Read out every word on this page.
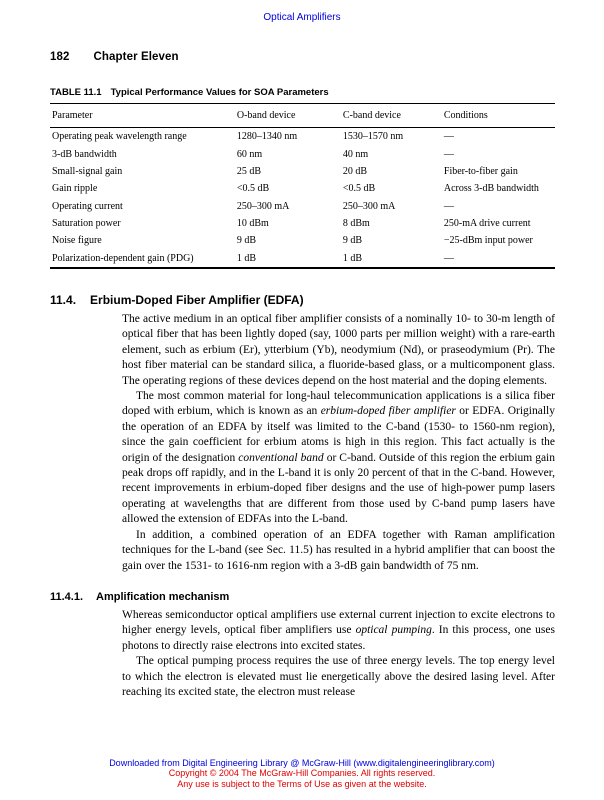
Optical Amplifiers
182 Chapter Eleven
TABLE 11.1 Typical Performance Values for SOA Parameters
Parameter	O-band device	C-band device	Conditions
Operating peak wavelength range	1280–1340 nm	1530–1570 nm	—
3-dB bandwidth	60 nm	40 nm	—
Small-signal gain	25 dB	20 dB	Fiber-to-fiber gain
Gain ripple	<0.5 dB	<0.5 dB	Across 3-dB bandwidth
Operating current	250–300 mA	250–300 mA	—
Saturation power	10 dBm	8 dBm	250-mA drive current
Noise figure	9 dB	9 dB	−25-dBm input power
Polarization-dependent gain (PDG)	1 dB	1 dB	—
11.4. Erbium-Doped Fiber Amplifier (EDFA)

The active medium in an optical fiber amplifier consists of a nominally 10- to 30-m length of optical fiber that has been lightly doped (say, 1000 parts per million weight) with a rare-earth element, such as erbium (Er), ytterbium (Yb), neodymium (Nd), or praseodymium (Pr). The host fiber material can be standard silica, a fluoride-based glass, or a multicomponent glass. The operating regions of these devices depend on the host material and the doping elements.

The most common material for long-haul telecommunication applications is a silica fiber doped with erbium, which is known as an erbium-doped fiber amplifier or EDFA. Originally the operation of an EDFA by itself was limited to the C-band (1530- to 1560-nm region), since the gain coefficient for erbium atoms is high in this region. This fact actually is the origin of the designation conventional band or C-band. Outside of this region the erbium gain peak drops off rapidly, and in the L-band it is only 20 percent of that in the C-band. However, recent improvements in erbium-doped fiber designs and the use of high-power pump lasers operating at wavelengths that are different from those used by C-band pump lasers have allowed the extension of EDFAs into the L-band.

In addition, a combined operation of an EDFA together with Raman amplification techniques for the L-band (see Sec. 11.5) has resulted in a hybrid amplifier that can boost the gain over the 1531- to 1616-nm region with a 3-dB gain bandwidth of 75 nm.

11.4.1. Amplification mechanism

Whereas semiconductor optical amplifiers use external current injection to excite electrons to higher energy levels, optical fiber amplifiers use optical pumping. In this process, one uses photons to directly raise electrons into excited states.

The optical pumping process requires the use of three energy levels. The top energy level to which the electron is elevated must lie energetically above the desired lasing level. After reaching its excited state, the electron must release

Downloaded from Digital Engineering Library @ McGraw-Hill (www.digitalengineeringlibrary.com)
Copyright © 2004 The McGraw-Hill Companies. All rights reserved.
Any use is subject to the Terms of Use as given at the website.
